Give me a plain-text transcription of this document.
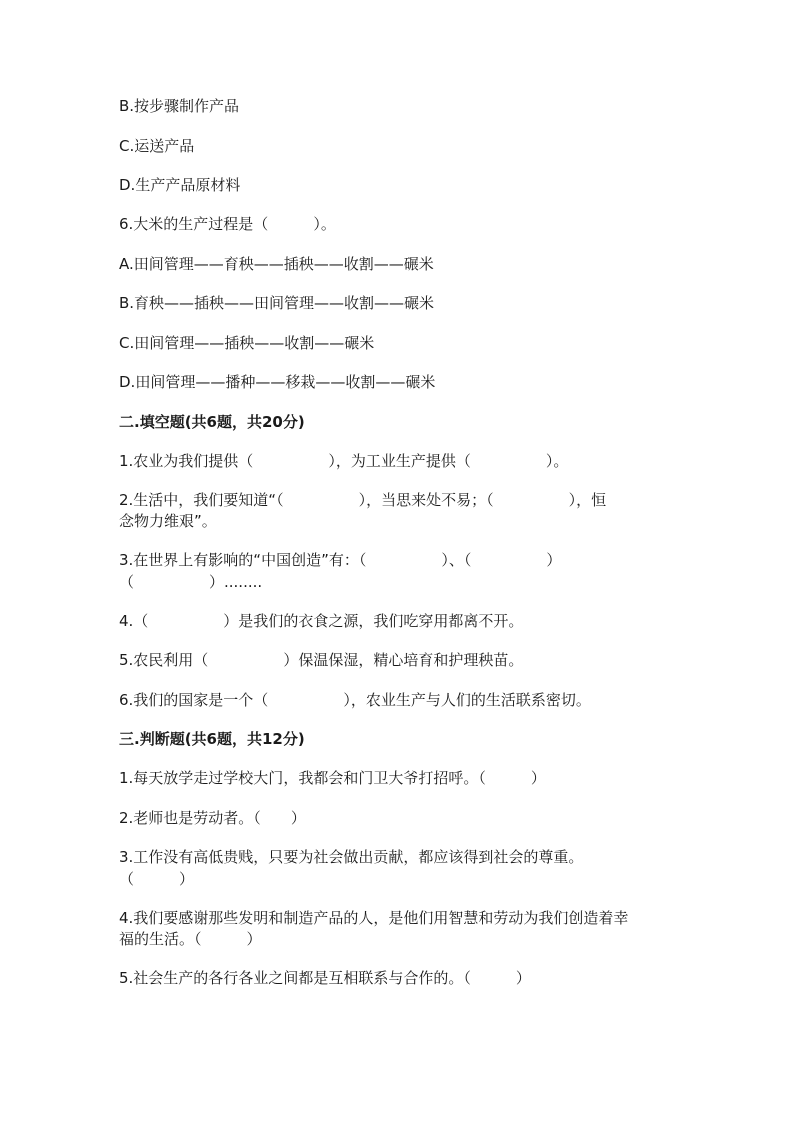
B.按步骤制作产品
C.运送产品
D.生产产品原材料
6.大米的生产过程是（　　　）。
A.田间管理——育秧——插秧——收割——碾米
B.育秧——插秧——田间管理——收割——碾米
C.田间管理——插秧——收割——碾米
D.田间管理——播种——移栽——收割——碾米
二.填空题(共6题，共20分)
1.农业为我们提供（　　　　　），为工业生产提供（　　　　　）。
2.生活中，我们要知道“（　　　　　），当思来处不易；（　　　　　），恒
念物力维艰”。
3.在世界上有影响的“中国创造”有：（　　　　　）、（　　　　　）
（　　　　　）........
4.（　　　　　）是我们的衣食之源，我们吃穿用都离不开。
5.农民利用（　　　　　）保温保湿，精心培育和护理秧苗。
6.我们的国家是一个（　　　　　），农业生产与人们的生活联系密切。
三.判断题(共6题，共12分)
1.每天放学走过学校大门，我都会和门卫大爷打招呼。（　　　）
2.老师也是劳动者。（　　）
3.工作没有高低贵贱，只要为社会做出贡献，都应该得到社会的尊重。
（　　　）
4.我们要感谢那些发明和制造产品的人，是他们用智慧和劳动为我们创造着幸
福的生活。（　　　）
5.社会生产的各行各业之间都是互相联系与合作的。（　　　）
